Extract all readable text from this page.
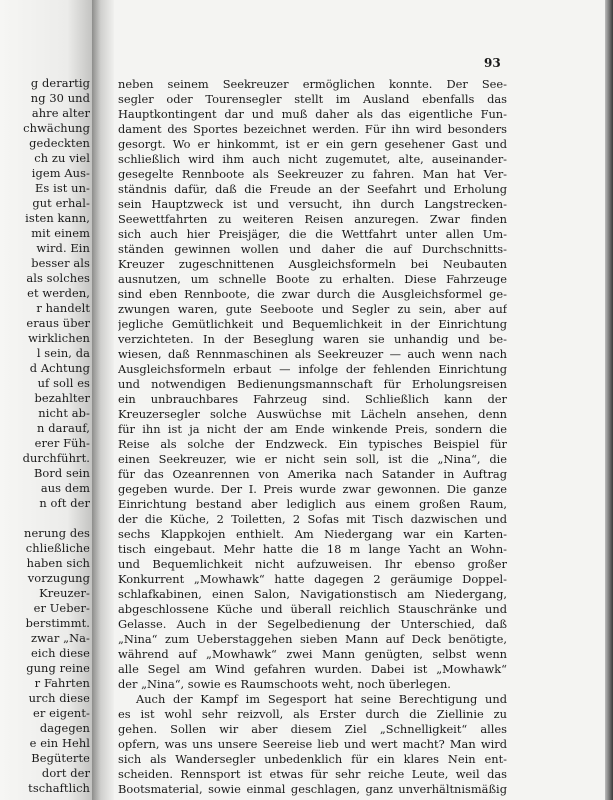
g derartig
ng 30 und
ahre alter
chwächung
gedeckten
ch zu viel
igem Aus-
Es ist un-
gut erhal-
isten kann,
mit einem
wird. Ein
besser als
als solches
et werden,
r handelt
eraus über
wirklichen
l sein, da
d Achtung
uf soll es
bezahlter
nicht ab-
n darauf,
erer Füh-
durchführt.
Bord sein
aus dem
n oft der
nerung des
chließliche
haben sich
vorzugung
Kreuzer-
er Ueber-
berstimmt.
zwar „Na-
eich diese
gung reine
r Fahrten
urch diese
er eigent-
dagegen
e ein Hehl
Begüterte
dort der
tschaftlich

93

neben seinem Seekreuzer ermöglichen konnte. Der See-
segler oder Tourensegler stellt im Ausland ebenfalls das
Hauptkontingent dar und muß daher als das eigentliche Fun-
dament des Sportes bezeichnet werden. Für ihn wird besonders
gesorgt. Wo er hinkommt, ist er ein gern gesehener Gast und
schließlich wird ihm auch nicht zugemutet, alte, auseinander-
gesegelte Rennboote als Seekreuzer zu fahren. Man hat Ver-
ständnis dafür, daß die Freude an der Seefahrt und Erholung
sein Hauptzweck ist und versucht, ihn durch Langstrecken-
Seewettfahrten zu weiteren Reisen anzuregen. Zwar finden
sich auch hier Preisjäger, die die Wettfahrt unter allen Um-
ständen gewinnen wollen und daher die auf Durchschnitts-
Kreuzer zugeschnittenen Ausgleichsformeln bei Neubauten
ausnutzen, um schnelle Boote zu erhalten. Diese Fahrzeuge
sind eben Rennboote, die zwar durch die Ausgleichsformel ge-
zwungen waren, gute Seeboote und Segler zu sein, aber auf
jegliche Gemütlichkeit und Bequemlichkeit in der Einrichtung
verzichteten. In der Beseglung waren sie unhandig und be-
wiesen, daß Rennmaschinen als Seekreuzer — auch wenn nach
Ausgleichsformeln erbaut — infolge der fehlenden Einrichtung
und notwendigen Bedienungsmannschaft für Erholungsreisen
ein unbrauchbares Fahrzeug sind. Schließlich kann der
Kreuzersegler solche Auswüchse mit Lächeln ansehen, denn
für ihn ist ja nicht der am Ende winkende Preis, sondern die
Reise als solche der Endzweck. Ein typisches Beispiel für
einen Seekreuzer, wie er nicht sein soll, ist die „Nina“, die
für das Ozeanrennen von Amerika nach Satander in Auftrag
gegeben wurde. Der I. Preis wurde zwar gewonnen. Die ganze
Einrichtung bestand aber lediglich aus einem großen Raum,
der die Küche, 2 Toiletten, 2 Sofas mit Tisch dazwischen und
sechs Klappkojen enthielt. Am Niedergang war ein Karten-
tisch eingebaut. Mehr hatte die 18 m lange Yacht an Wohn-
und Bequemlichkeit nicht aufzuweisen. Ihr ebenso großer
Konkurrent „Mowhawk“ hatte dagegen 2 geräumige Doppel-
schlafkabinen, einen Salon, Navigationstisch am Niedergang,
abgeschlossene Küche und überall reichlich Stauschränke und
Gelasse. Auch in der Segelbedienung der Unterschied, daß
„Nina“ zum Ueberstaggehen sieben Mann auf Deck benötigte,
während auf „Mowhawk“ zwei Mann genügten, selbst wenn
alle Segel am Wind gefahren wurden. Dabei ist „Mowhawk“
der „Nina“, sowie es Raumschoots weht, noch überlegen.
Auch der Kampf im Segesport hat seine Berechtigung und
es ist wohl sehr reizvoll, als Erster durch die Ziellinie zu
gehen. Sollen wir aber diesem Ziel „Schnelligkeit“ alles
opfern, was uns unsere Seereise lieb und wert macht? Man wird
sich als Wandersegler unbedenklich für ein klares Nein ent-
scheiden. Rennsport ist etwas für sehr reiche Leute, weil das
Bootsmaterial, sowie einmal geschlagen, ganz unverhältnismäßig
